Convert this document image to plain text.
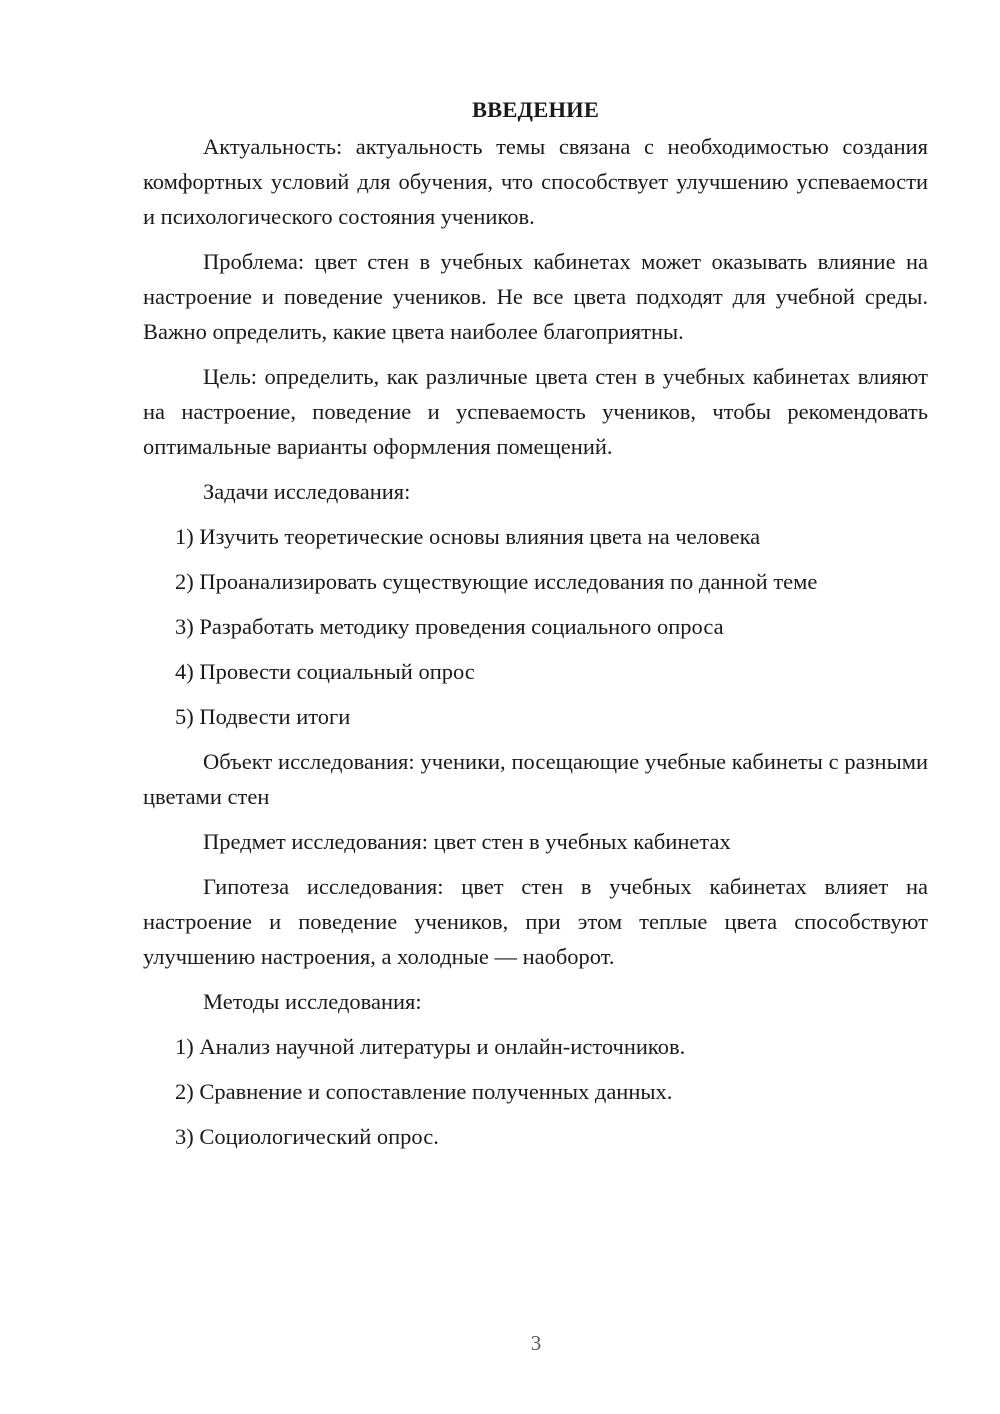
ВВЕДЕНИЕ

Актуальность: актуальность темы связана с необходимостью создания комфортных условий для обучения, что способствует улучшению успеваемости и психологического состояния учеников.

Проблема: цвет стен в учебных кабинетах может оказывать влияние на настроение и поведение учеников. Не все цвета подходят для учебной среды. Важно определить, какие цвета наиболее благоприятны.

Цель: определить, как различные цвета стен в учебных кабинетах влияют на настроение, поведение и успеваемость учеников, чтобы рекомендовать оптимальные варианты оформления помещений.

Задачи исследования:

1) Изучить теоретические основы влияния цвета на человека

2) Проанализировать существующие исследования по данной теме

3) Разработать методику проведения социального опроса

4) Провести социальный опрос

5) Подвести итоги

Объект исследования: ученики, посещающие учебные кабинеты с разными цветами стен

Предмет исследования: цвет стен в учебных кабинетах

Гипотеза исследования: цвет стен в учебных кабинетах влияет на настроение и поведение учеников, при этом теплые цвета способствуют улучшению настроения, а холодные — наоборот.

Методы исследования:

1) Анализ научной литературы и онлайн-источников.

2) Сравнение и сопоставление полученных данных.

3) Социологический опрос.

3
